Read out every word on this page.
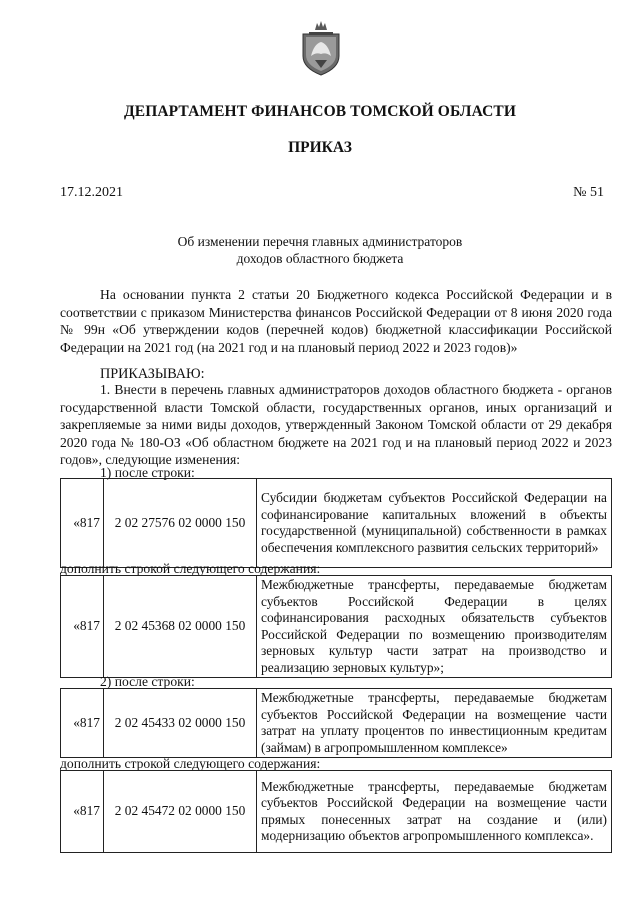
ДЕПАРТАМЕНТ ФИНАНСОВ ТОМСКОЙ ОБЛАСТИ
ПРИКАЗ
17.12.2021	№ 51
Об изменении перечня главных администраторов
доходов областного бюджета
На основании пункта 2 статьи 20 Бюджетного кодекса Российской Федерации и в соответствии с приказом Министерства финансов Российской Федерации от 8 июня 2020 года № 99н «Об утверждении кодов (перечней кодов) бюджетной классификации Российской Федерации на 2021 год (на 2021 год и на плановый период 2022 и 2023 годов)»
ПРИКАЗЫВАЮ:
1. Внести в перечень главных администраторов доходов областного бюджета - органов государственной власти Томской области, государственных органов, иных организаций и закрепляемые за ними виды доходов, утвержденный Законом Томской области от 29 декабря 2020 года № 180-ОЗ «Об областном бюджете на 2021 год и на плановый период 2022 и 2023 годов», следующие изменения:
1) после строки:
«817	2 02 27576 02 0000 150	Субсидии бюджетам субъектов Российской Федерации на софинансирование капитальных вложений в объекты государственной (муниципальной) собственности в рамках обеспечения комплексного развития сельских территорий»
дополнить строкой следующего содержания:
«817	2 02 45368 02 0000 150	Межбюджетные трансферты, передаваемые бюджетам субъектов Российской Федерации в целях софинансирования расходных обязательств субъектов Российской Федерации по возмещению производителям зерновых культур части затрат на производство и реализацию зерновых культур»;
2) после строки:
«817	2 02 45433 02 0000 150	Межбюджетные трансферты, передаваемые бюджетам субъектов Российской Федерации на возмещение части затрат на уплату процентов по инвестиционным кредитам (займам) в агропромышленном комплексе»
дополнить строкой следующего содержания:
«817	2 02 45472 02 0000 150	Межбюджетные трансферты, передаваемые бюджетам субъектов Российской Федерации на возмещение части прямых понесенных затрат на создание и (или) модернизацию объектов агропромышленного комплекса».
